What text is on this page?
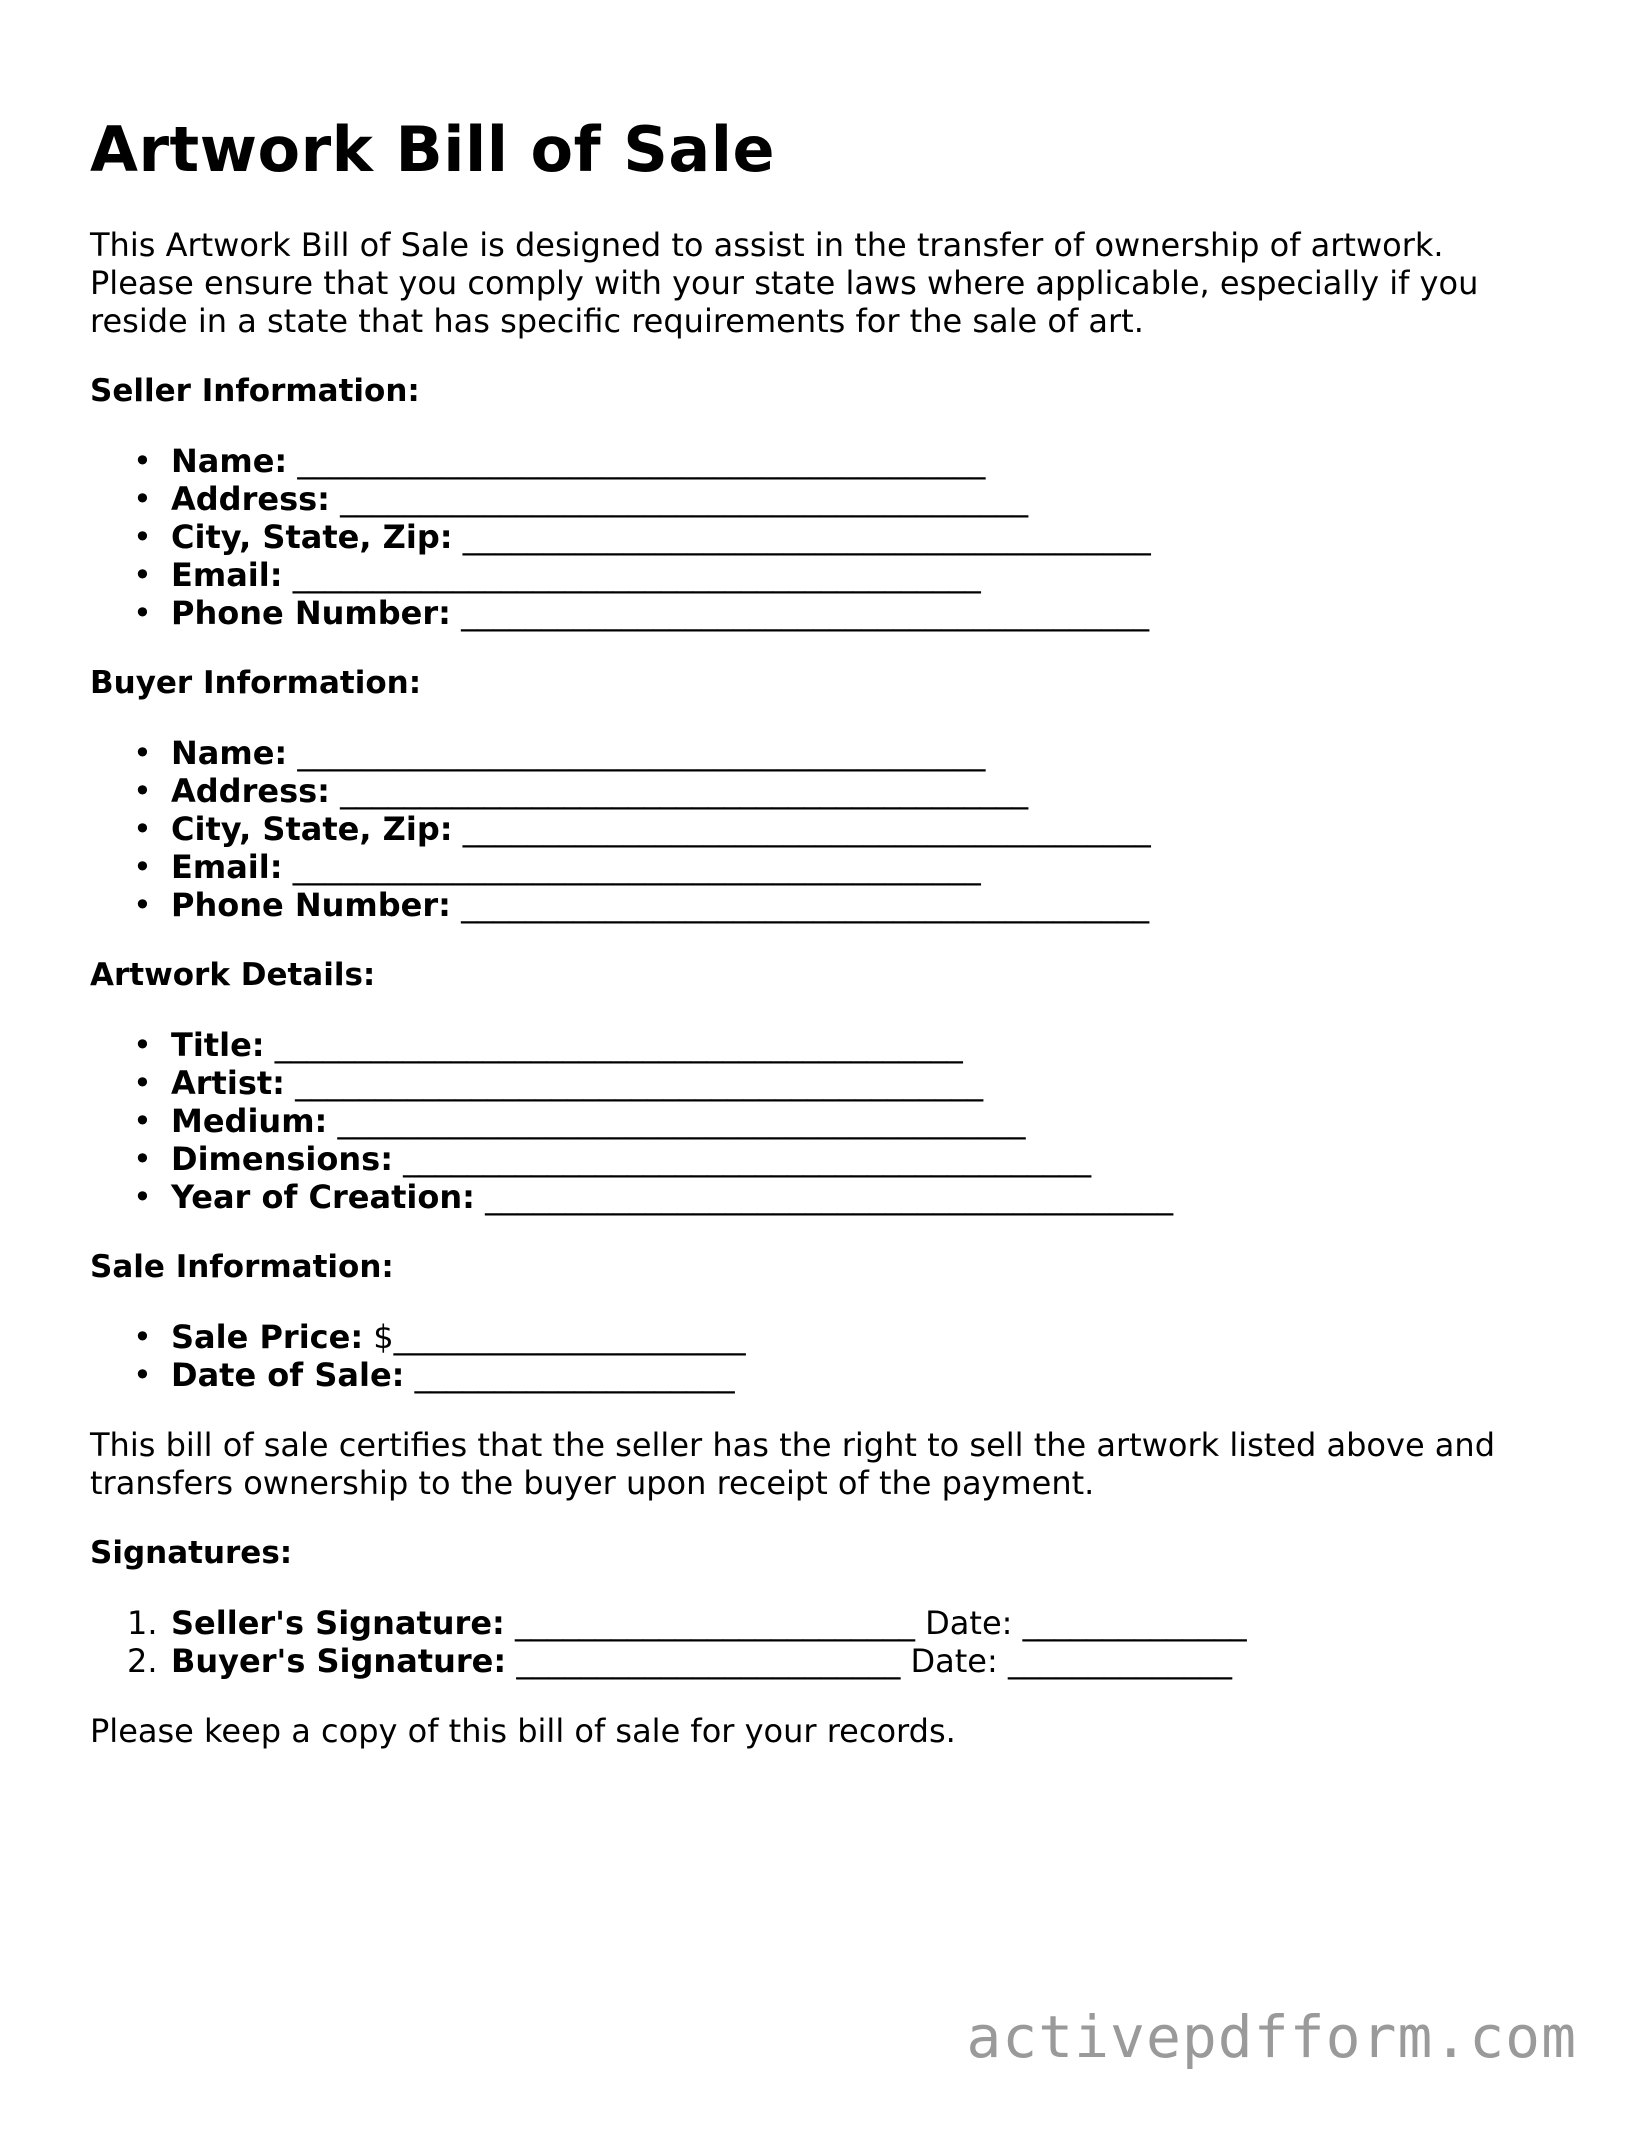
Artwork Bill of Sale

This Artwork Bill of Sale is designed to assist in the transfer of ownership of artwork.
Please ensure that you comply with your state laws where applicable, especially if you
reside in a state that has specific requirements for the sale of art.

Seller Information:
• Name: ___________________________________________
• Address: ___________________________________________
• City, State, Zip: ___________________________________________
• Email: ___________________________________________
• Phone Number: ___________________________________________
Buyer Information:
• Name: ___________________________________________
• Address: ___________________________________________
• City, State, Zip: ___________________________________________
• Email: ___________________________________________
• Phone Number: ___________________________________________
Artwork Details:
• Title: ___________________________________________
• Artist: ___________________________________________
• Medium: ___________________________________________
• Dimensions: ___________________________________________
• Year of Creation: ___________________________________________
Sale Information:
• Sale Price: $______________________
• Date of Sale: ____________________

This bill of sale certifies that the seller has the right to sell the artwork listed above and
transfers ownership to the buyer upon receipt of the payment.

Signatures:
1. Seller's Signature: _________________________ Date: ______________
2. Buyer's Signature: ________________________ Date: ______________

Please keep a copy of this bill of sale for your records.

activepdfform.com
